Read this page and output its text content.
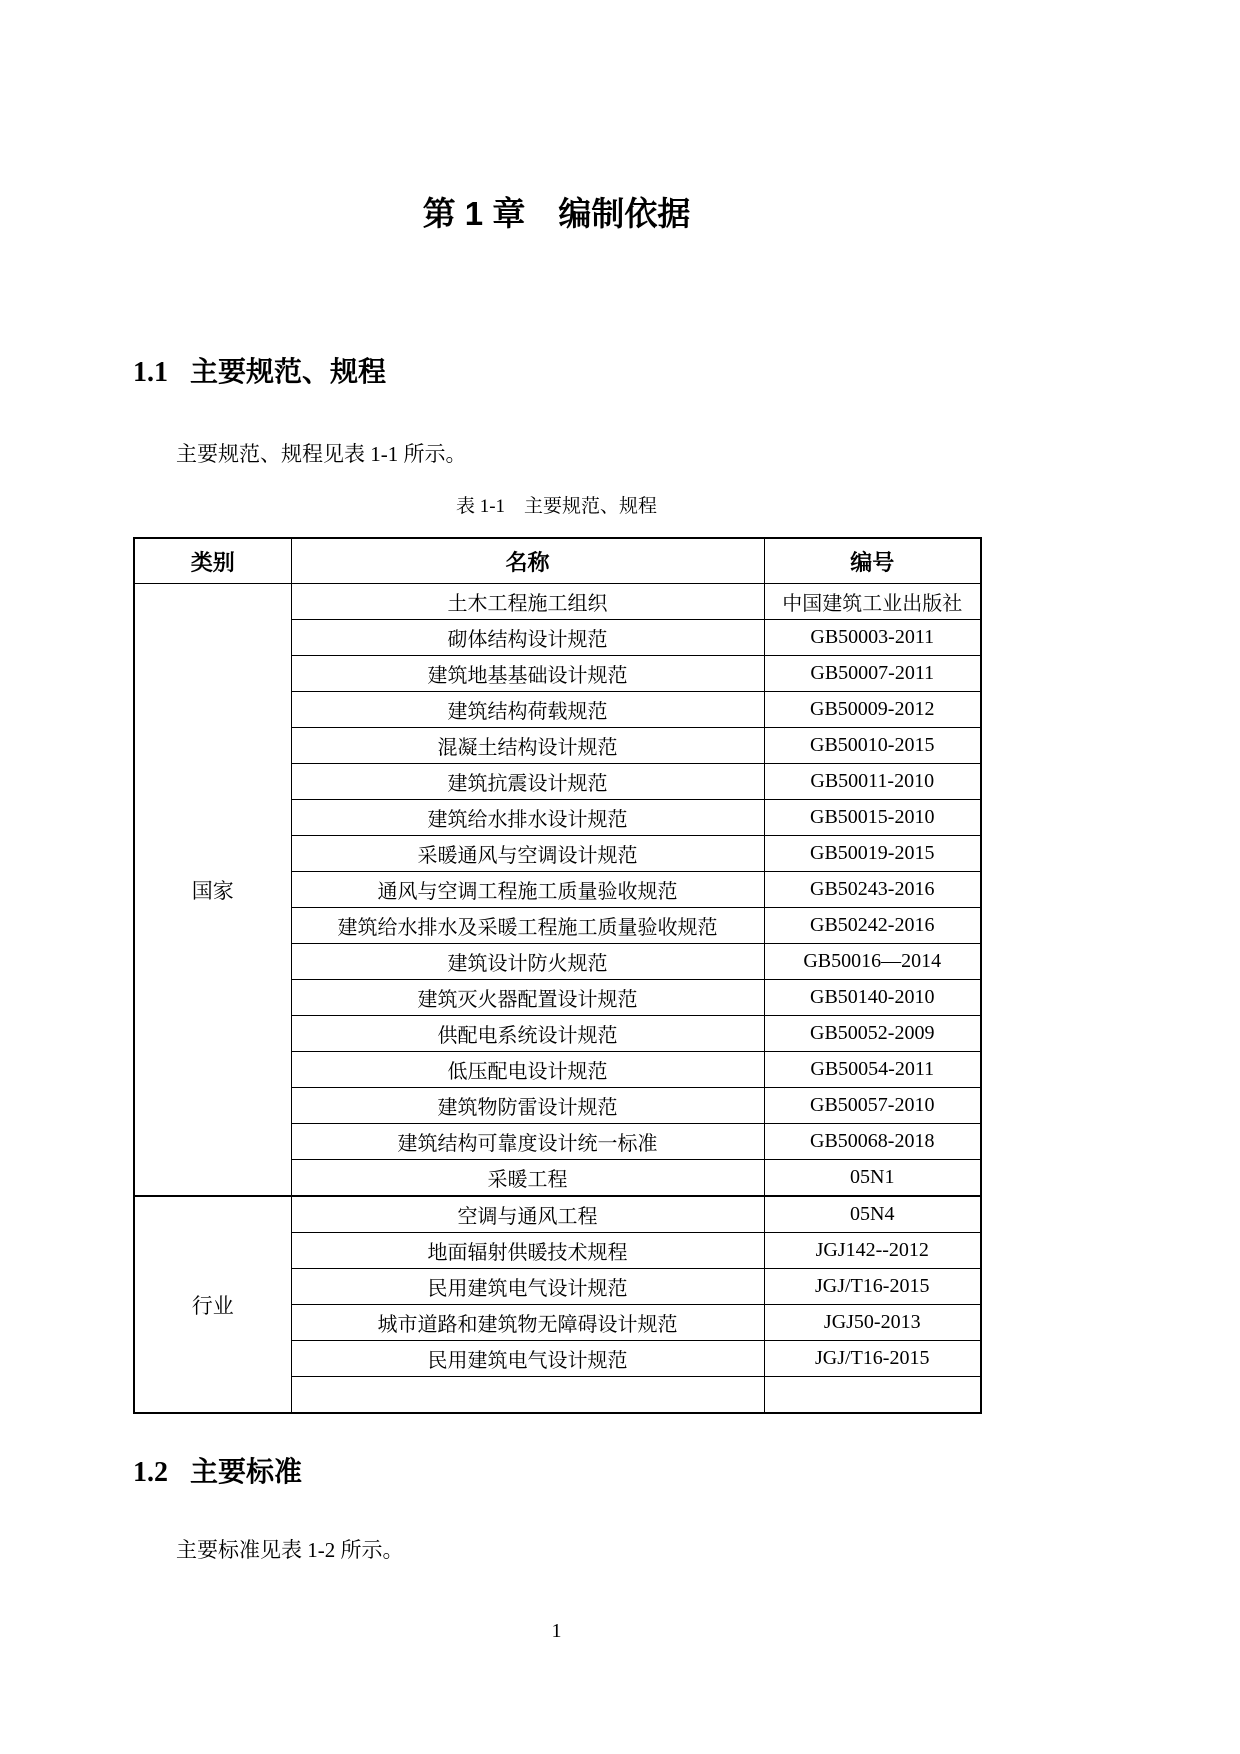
第 1 章　编制依据
1.1 主要规范、规程

主要规范、规程见表 1-1 所示。

表 1-1　主要规范、规程
类别	名称	编号
国家	土木工程施工组织	中国建筑工业出版社
	砌体结构设计规范	GB50003-2011
	建筑地基基础设计规范	GB50007-2011
	建筑结构荷载规范	GB50009-2012
	混凝土结构设计规范	GB50010-2015
	建筑抗震设计规范	GB50011-2010
	建筑给水排水设计规范	GB50015-2010
	采暖通风与空调设计规范	GB50019-2015
	通风与空调工程施工质量验收规范	GB50243-2016
	建筑给水排水及采暖工程施工质量验收规范	GB50242-2016
	建筑设计防火规范	GB50016—2014
	建筑灭火器配置设计规范	GB50140-2010
	供配电系统设计规范	GB50052-2009
	低压配电设计规范	GB50054-2011
	建筑物防雷设计规范	GB50057-2010
	建筑结构可靠度设计统一标准	GB50068-2018
	采暖工程	05N1
行业	空调与通风工程	05N4
	地面辐射供暖技术规程	JGJ142--2012
	民用建筑电气设计规范	JGJ/T16-2015
	城市道路和建筑物无障碍设计规范	JGJ50-2013
	民用建筑电气设计规范	JGJ/T16-2015

1.2 主要标准

主要标准见表 1-2 所示。

1
